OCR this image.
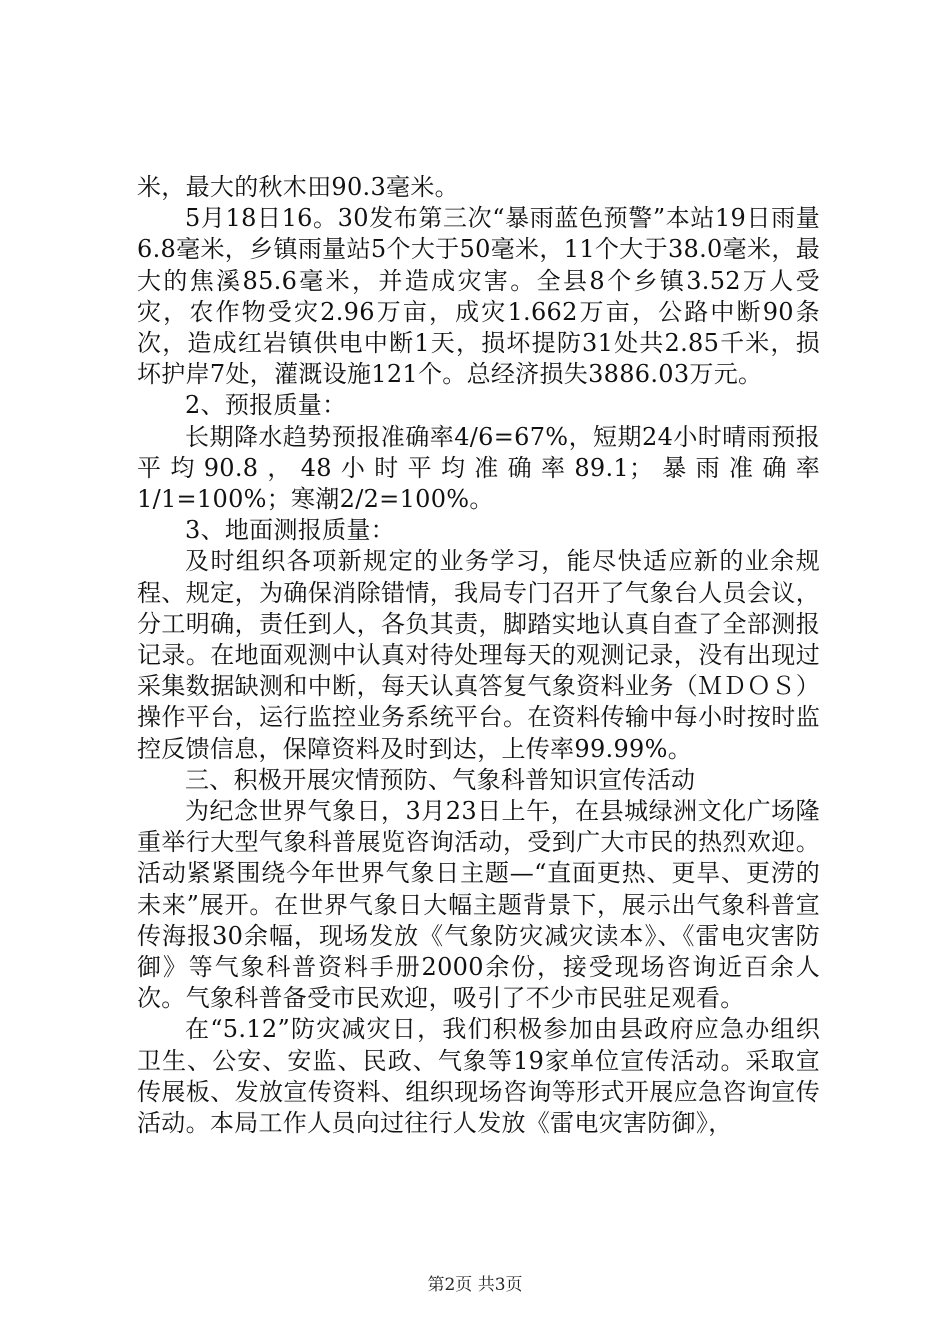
米，最大的秋木田90.3毫米。

5月18日16。30发布第三次“暴雨蓝色预警”本站19日雨量6.8毫米，乡镇雨量站5个大于50毫米，11个大于38.0毫米，最大的焦溪85.6毫米，并造成灾害。全县8个乡镇3.52万人受灾，农作物受灾2.96万亩，成灾1.662万亩，公路中断90条次，造成红岩镇供电中断1天，损坏提防31处共2.85千米，损坏护岸7处，灌溉设施121个。总经济损失3886.03万元。

2、预报质量：

长期降水趋势预报准确率4/6=67%，短期24小时晴雨预报平均90.8，48小时平均准确率89.1；暴雨准确率1/1=100%；寒潮2/2=100%。

3、地面测报质量：

及时组织各项新规定的业务学习，能尽快适应新的业余规程、规定，为确保消除错情，我局专门召开了气象台人员会议，分工明确，责任到人，各负其责，脚踏实地认真自查了全部测报记录。在地面观测中认真对待处理每天的观测记录，没有出现过采集数据缺测和中断，每天认真答复气象资料业务（ＭＤＯＳ）操作平台，运行监控业务系统平台。在资料传输中每小时按时监控反馈信息，保障资料及时到达，上传率99.99%。

三、积极开展灾情预防、气象科普知识宣传活动

为纪念世界气象日，3月23日上午，在县城绿洲文化广场隆重举行大型气象科普展览咨询活动，受到广大市民的热烈欢迎。活动紧紧围绕今年世界气象日主题—“直面更热、更旱、更涝的未来”展开。在世界气象日大幅主题背景下，展示出气象科普宣传海报30余幅，现场发放《气象防灾减灾读本》、《雷电灾害防御》等气象科普资料手册2000余份，接受现场咨询近百余人次。气象科普备受市民欢迎，吸引了不少市民驻足观看。

在“5.12”防灾减灾日，我们积极参加由县政府应急办组织卫生、公安、安监、民政、气象等19家单位宣传活动。采取宣传展板、发放宣传资料、组织现场咨询等形式开展应急咨询宣传活动。本局工作人员向过往行人发放《雷电灾害防御》，

第2页 共3页
